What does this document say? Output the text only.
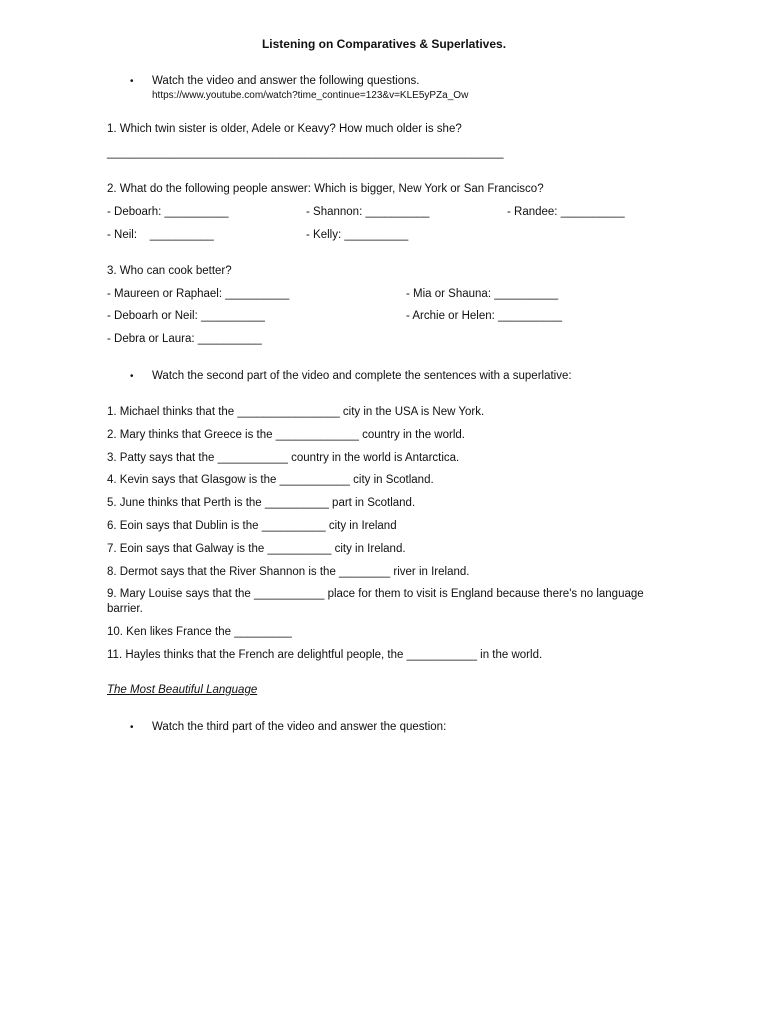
Listening on Comparatives & Superlatives.
• Watch the video and answer the following questions.
https://www.youtube.com/watch?time_continue=123&v=KLE5yPZa_Ow
1. Which twin sister is older, Adele or Keavy? How much older is she?
______________________________________________________________
2. What do the following people answer: Which is bigger, New York or San Francisco?
- Deboarh: __________	- Shannon: __________	- Randee: __________
- Neil:    __________	- Kelly: __________
3. Who can cook better?
- Maureen or Raphael: __________	- Mia or Shauna: __________
- Deboarh or Neil: __________	- Archie or Helen: __________
- Debra or Laura: __________
• Watch the second part of the video and complete the sentences with a superlative:
1. Michael thinks that the ________________ city in the USA is New York.
2. Mary thinks that Greece is the _____________ country in the world.
3. Patty says that the ___________ country in the world is Antarctica.
4. Kevin says that Glasgow is the ___________ city in Scotland.
5. June thinks that Perth is the __________ part in Scotland.
6. Eoin says that Dublin is the __________ city in Ireland
7. Eoin says that Galway is the __________ city in Ireland.
8. Dermot says that the River Shannon is the ________ river in Ireland.
9. Mary Louise says that the ___________ place for them to visit is England because there's no language barrier.
10. Ken likes France the _________
11. Hayles thinks that the French are delightful people, the ___________ in the world.
The Most Beautiful Language
• Watch the third part of the video and answer the question:
